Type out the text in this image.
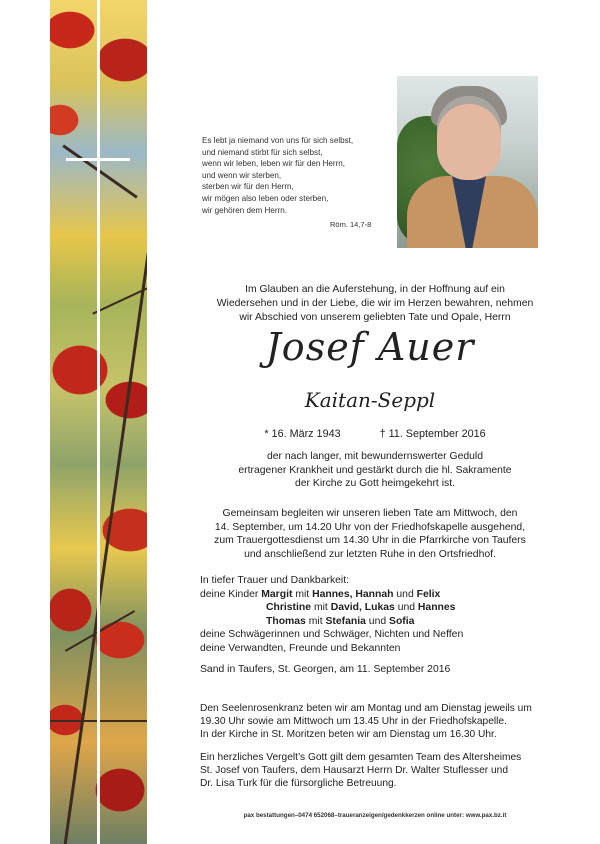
Es lebt ja niemand von uns für sich selbst,
und niemand stirbt für sich selbst,
wenn wir leben, leben wir für den Herrn,
und wenn wir sterben,
sterben wir für den Herrn,
wir mögen also leben oder sterben,
wir gehören dem Herrn.
Röm. 14,7-8
Im Glauben an die Auferstehung, in der Hoffnung auf ein
Wiedersehen und in der Liebe, die wir im Herzen bewahren, nehmen
wir Abschied von unserem geliebten Tate und Opale, Herrn
Josef Auer
Kaitan-Seppl
* 16. März 1943	† 11. September 2016
der nach langer, mit bewundernswerter Geduld
ertragener Krankheit und gestärkt durch die hl. Sakramente
der Kirche zu Gott heimgekehrt ist.
Gemeinsam begleiten wir unseren lieben Tate am Mittwoch, den
14. September, um 14.20 Uhr von der Friedhofskapelle ausgehend,
zum Trauergottesdienst um 14.30 Uhr in die Pfarrkirche von Taufers
und anschließend zur letzten Ruhe in den Ortsfriedhof.
In tiefer Trauer und Dankbarkeit:
deine Kinder Margit mit Hannes, Hannah und Felix
Christine mit David, Lukas und Hannes
Thomas mit Stefania und Sofia
deine Schwägerinnen und Schwäger, Nichten und Neffen
deine Verwandten, Freunde und Bekannten
Sand in Taufers, St. Georgen, am 11. September 2016
Den Seelenrosenkranz beten wir am Montag und am Dienstag jeweils um
19.30 Uhr sowie am Mittwoch um 13.45 Uhr in der Friedhofskapelle.
In der Kirche in St. Moritzen beten wir am Dienstag um 16.30 Uhr.
Ein herzliches Vergelt’s Gott gilt dem gesamten Team des Altersheimes
St. Josef von Taufers, dem Hausarzt Herrn Dr. Walter Stuflesser und
Dr. Lisa Turk für die fürsorgliche Betreuung.
pax bestattungen–0474 652068–traueranzeigen/gedenkkerzen online unter: www.pax.bz.it
